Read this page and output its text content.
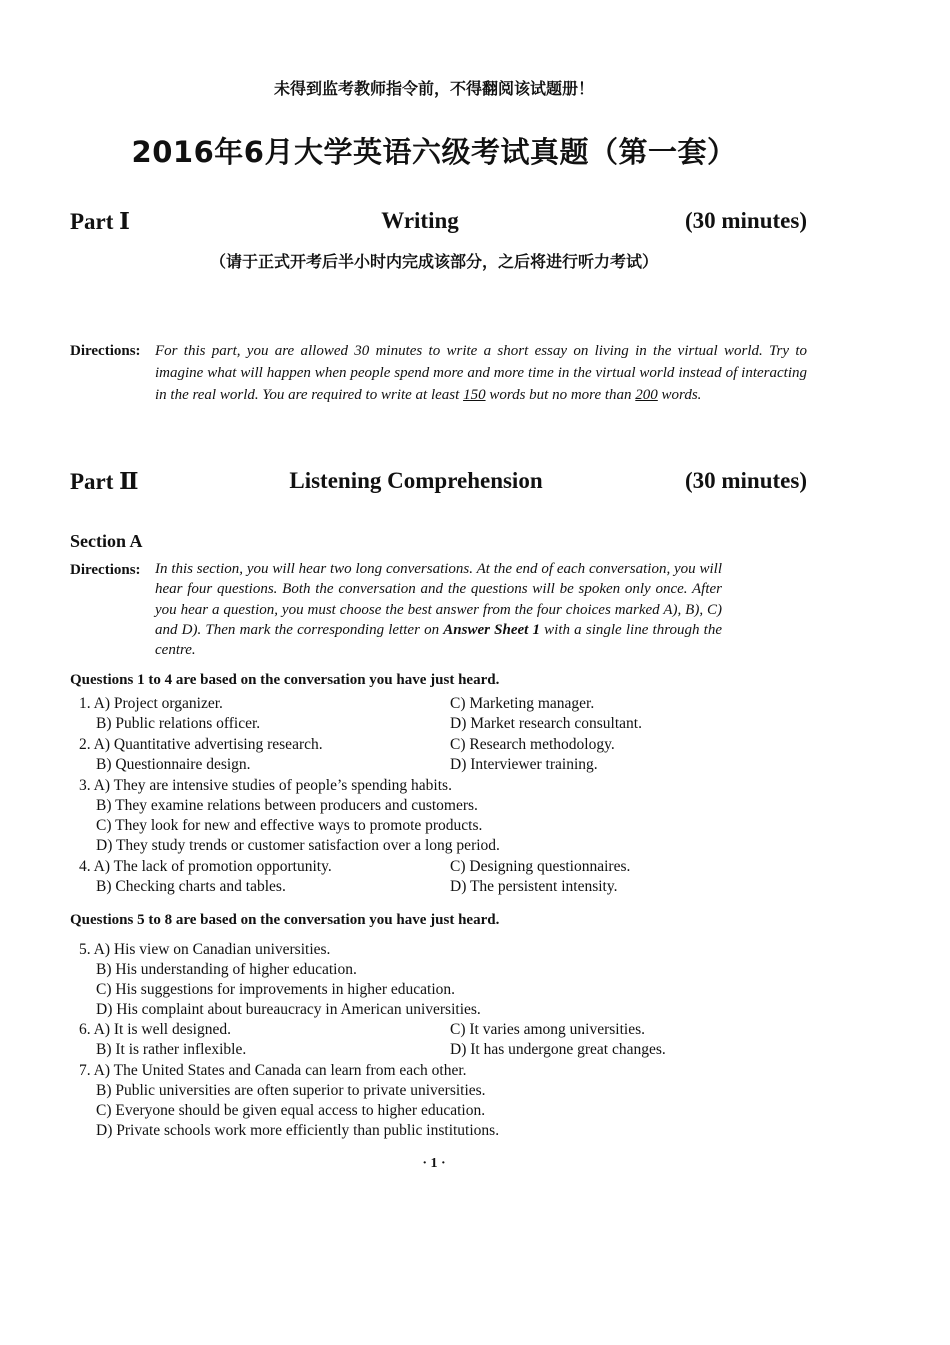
未得到监考教师指令前，不得翻阅该试题册！
2016年6月大学英语六级考试真题（第一套）
Part Ⅰ	Writing	(30 minutes)
（请于正式开考后半小时内完成该部分，之后将进行听力考试）
Directions: For this part, you are allowed 30 minutes to write a short essay on living in the virtual world. Try to imagine what will happen when people spend more and more time in the virtual world instead of interacting in the real world. You are required to write at least 150 words but no more than 200 words.
Part Ⅱ	Listening Comprehension	(30 minutes)
Section A
Directions: In this section, you will hear two long conversations. At the end of each conversation, you will hear four questions. Both the conversation and the questions will be spoken only once. After you hear a question, you must choose the best answer from the four choices marked A), B), C) and D). Then mark the corresponding letter on Answer Sheet 1 with a single line through the centre.
Questions 1 to 4 are based on the conversation you have just heard.
1. A) Project organizer.	C) Marketing manager.
B) Public relations officer.	D) Market research consultant.
2. A) Quantitative advertising research.	C) Research methodology.
B) Questionnaire design.	D) Interviewer training.
3. A) They are intensive studies of people’s spending habits.
B) They examine relations between producers and customers.
C) They look for new and effective ways to promote products.
D) They study trends or customer satisfaction over a long period.
4. A) The lack of promotion opportunity.	C) Designing questionnaires.
B) Checking charts and tables.	D) The persistent intensity.
Questions 5 to 8 are based on the conversation you have just heard.
5. A) His view on Canadian universities.
B) His understanding of higher education.
C) His suggestions for improvements in higher education.
D) His complaint about bureaucracy in American universities.
6. A) It is well designed.	C) It varies among universities.
B) It is rather inflexible.	D) It has undergone great changes.
7. A) The United States and Canada can learn from each other.
B) Public universities are often superior to private universities.
C) Everyone should be given equal access to higher education.
D) Private schools work more efficiently than public institutions.
· 1 ·
